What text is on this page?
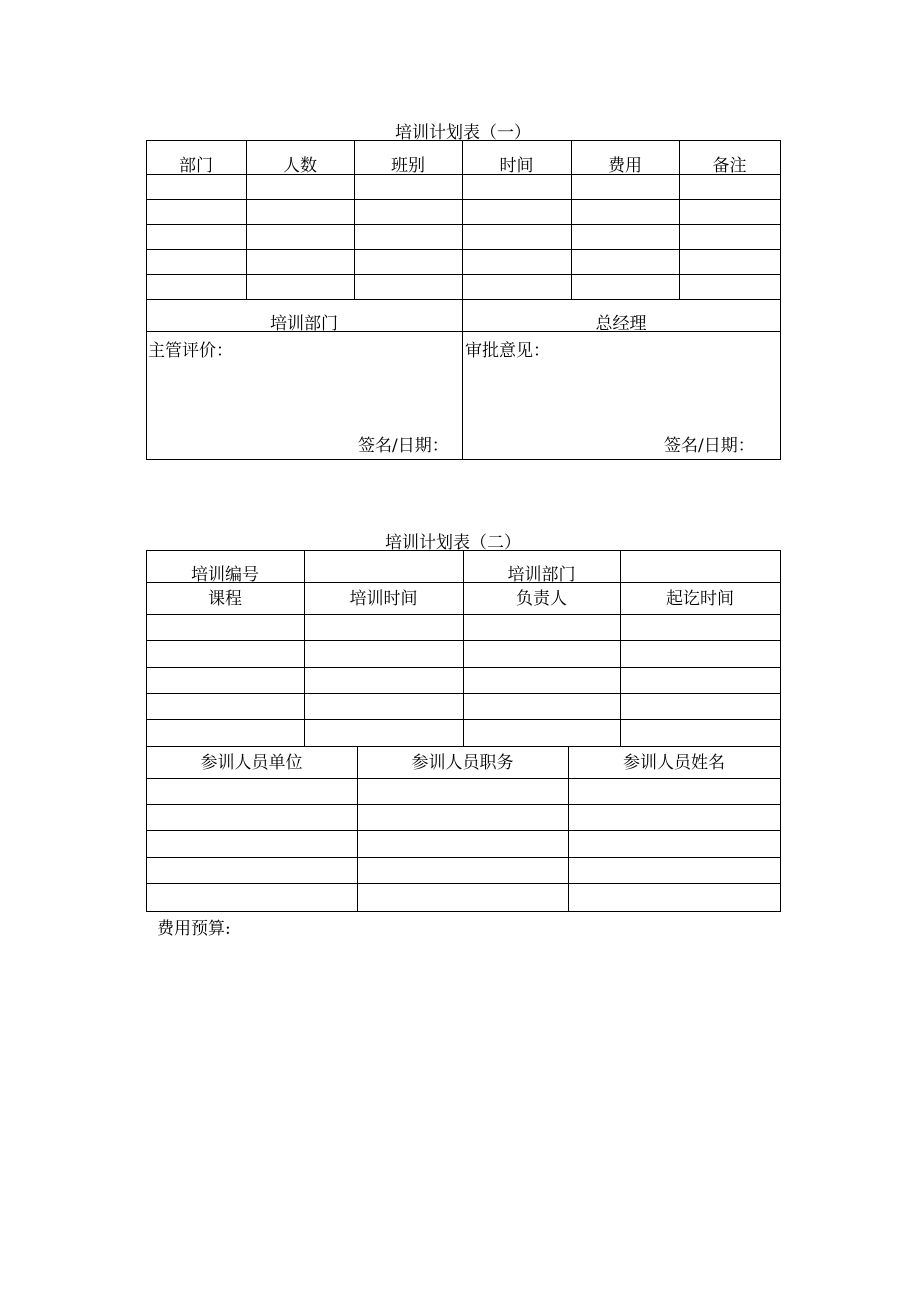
培训计划表（一）
部门	人数	班别	时间	费用	备注
培训部门	总经理
主管评价：	审批意见：
签名/日期：	签名/日期：
培训计划表（二）
培训编号	培训部门
课程	培训时间	负责人	起讫时间
参训人员单位	参训人员职务	参训人员姓名
费用预算:
